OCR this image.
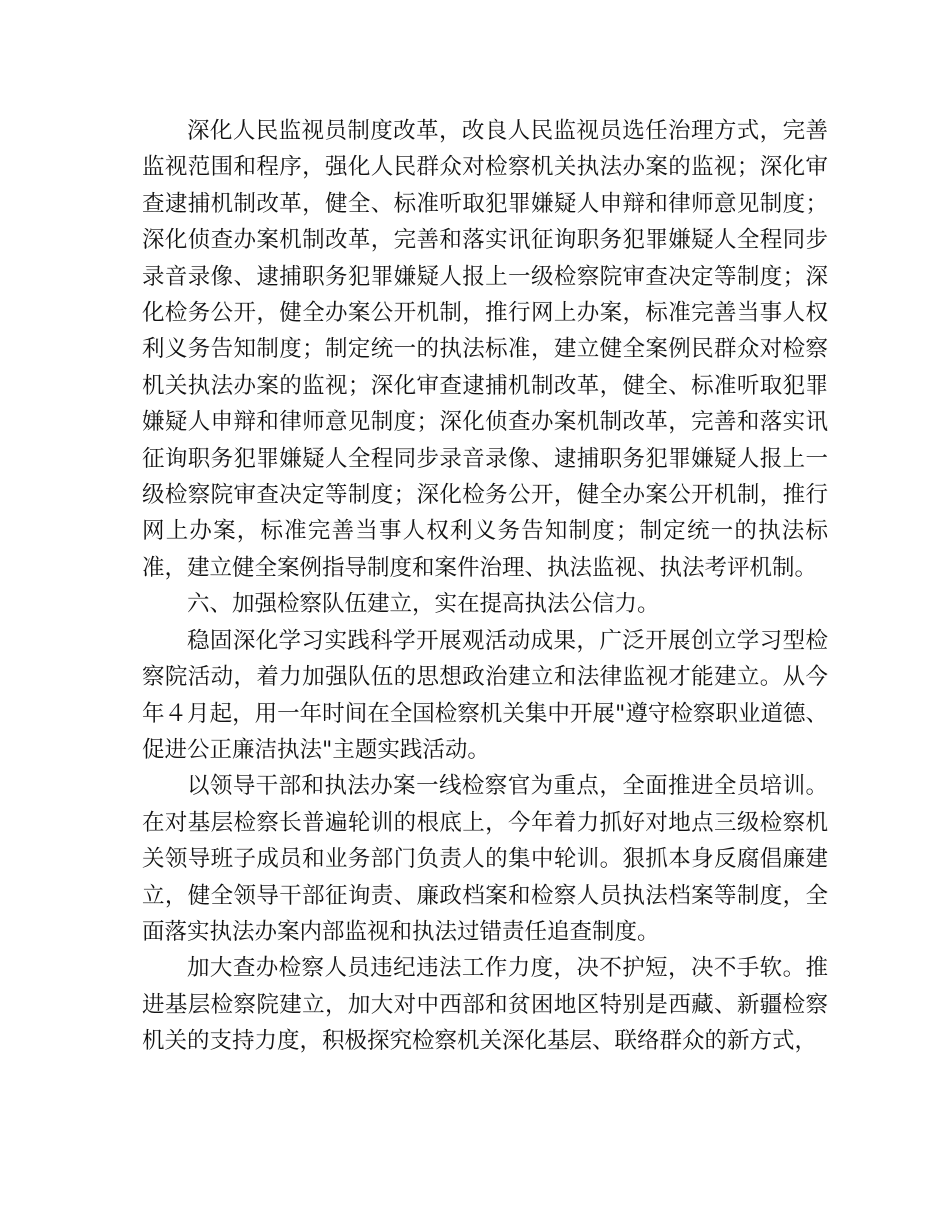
深化人民监视员制度改革，改良人民监视员选任治理方式，完善监视范围和程序，强化人民群众对检察机关执法办案的监视；深化审查逮捕机制改革，健全、标准听取犯罪嫌疑人申辩和律师意见制度；深化侦查办案机制改革，完善和落实讯征询职务犯罪嫌疑人全程同步录音录像、逮捕职务犯罪嫌疑人报上一级检察院审查决定等制度；深化检务公开，健全办案公开机制，推行网上办案，标准完善当事人权利义务告知制度；制定统一的执法标准，建立健全案例民群众对检察机关执法办案的监视；深化审查逮捕机制改革，健全、标准听取犯罪嫌疑人申辩和律师意见制度；深化侦查办案机制改革，完善和落实讯征询职务犯罪嫌疑人全程同步录音录像、逮捕职务犯罪嫌疑人报上一级检察院审查决定等制度；深化检务公开，健全办案公开机制，推行网上办案，标准完善当事人权利义务告知制度；制定统一的执法标准，建立健全案例指导制度和案件治理、执法监视、执法考评机制。

六、加强检察队伍建立，实在提高执法公信力。

稳固深化学习实践科学开展观活动成果，广泛开展创立学习型检察院活动，着力加强队伍的思想政治建立和法律监视才能建立。从今年４月起，用一年时间在全国检察机关集中开展"遵守检察职业道德、促进公正廉洁执法"主题实践活动。

以领导干部和执法办案一线检察官为重点，全面推进全员培训。在对基层检察长普遍轮训的根底上，今年着力抓好对地点三级检察机关领导班子成员和业务部门负责人的集中轮训。狠抓本身反腐倡廉建立，健全领导干部征询责、廉政档案和检察人员执法档案等制度，全面落实执法办案内部监视和执法过错责任追查制度。

加大查办检察人员违纪违法工作力度，决不护短，决不手软。推进基层检察院建立，加大对中西部和贫困地区特别是西藏、新疆检察机关的支持力度，积极探究检察机关深化基层、联络群众的新方式，
